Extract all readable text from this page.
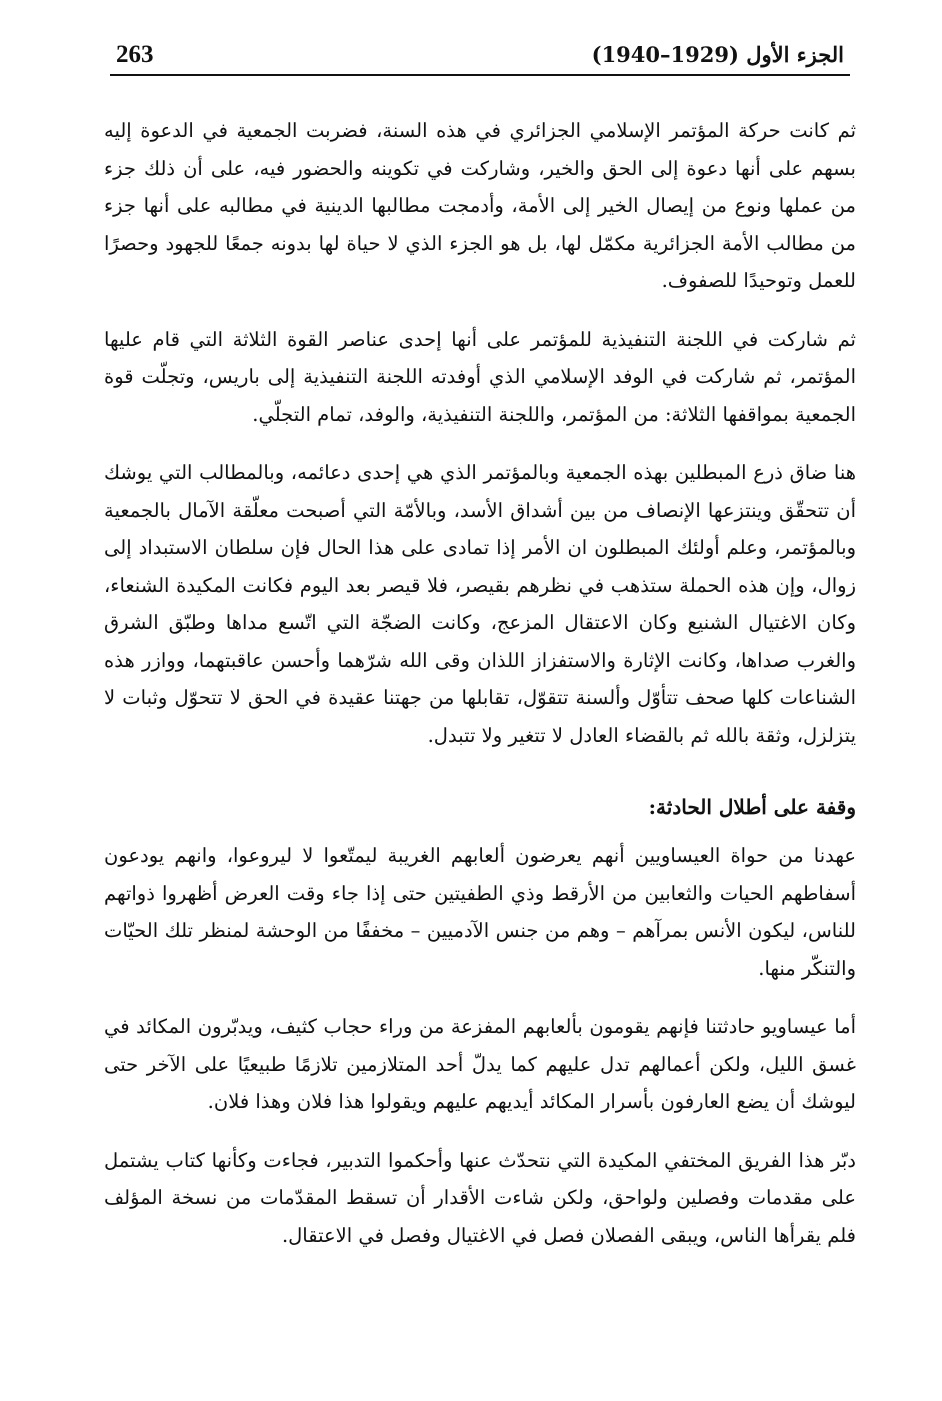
263	الجزء الأول (1929–1940)

ثم كانت حركة المؤتمر الإسلامي الجزائري في هذه السنة، فضربت الجمعية في الدعوة إليه بسهم على أنها دعوة إلى الحق والخير، وشاركت في تكوينه والحضور فيه، على أن ذلك جزء من عملها ونوع من إيصال الخير إلى الأمة، وأدمجت مطالبها الدينية في مطالبه على أنها جزء من مطالب الأمة الجزائرية مكمّل لها، بل هو الجزء الذي لا حياة لها بدونه جمعًا للجهود وحصرًا للعمل وتوحيدًا للصفوف.

ثم شاركت في اللجنة التنفيذية للمؤتمر على أنها إحدى عناصر القوة الثلاثة التي قام عليها المؤتمر، ثم شاركت في الوفد الإسلامي الذي أوفدته اللجنة التنفيذية إلى باريس، وتجلّت قوة الجمعية بمواقفها الثلاثة: من المؤتمر، واللجنة التنفيذية، والوفد، تمام التجلّي.

هنا ضاق ذرع المبطلين بهذه الجمعية وبالمؤتمر الذي هي إحدى دعائمه، وبالمطالب التي يوشك أن تتحقّق وينتزعها الإنصاف من بين أشداق الأسد، وبالأمّة التي أصبحت معلّقة الآمال بالجمعية وبالمؤتمر، وعلم أولئك المبطلون ان الأمر إذا تمادى على هذا الحال فإن سلطان الاستبداد إلى زوال، وإن هذه الحملة ستذهب في نظرهم بقيصر، فلا قيصر بعد اليوم فكانت المكيدة الشنعاء، وكان الاغتيال الشنيع وكان الاعتقال المزعج، وكانت الضجّة التي اتّسع مداها وطبّق الشرق والغرب صداها، وكانت الإثارة والاستفزاز اللذان وقى الله شرّهما وأحسن عاقبتهما، ووازر هذه الشناعات كلها صحف تتأوّل وألسنة تتقوّل، تقابلها من جهتنا عقيدة في الحق لا تتحوّل وثبات لا يتزلزل، وثقة بالله ثم بالقضاء العادل لا تتغير ولا تتبدل.

وقفة على أطلال الحادثة:

عهدنا من حواة العيساويين أنهم يعرضون ألعابهم الغريبة ليمتّعوا لا ليروعوا، وانهم يودعون أسفاطهم الحيات والثعابين من الأرقط وذي الطفيتين حتى إذا جاء وقت العرض أظهروا ذواتهم للناس، ليكون الأنس بمرآهم – وهم من جنس الآدميين – مخففًا من الوحشة لمنظر تلك الحيّات والتنكّر منها.

أما عيساويو حادثتنا فإنهم يقومون بألعابهم المفزعة من وراء حجاب كثيف، ويدبّرون المكائد في غسق الليل، ولكن أعمالهم تدل عليهم كما يدلّ أحد المتلازمين تلازمًا طبيعيًا على الآخر حتى ليوشك أن يضع العارفون بأسرار المكائد أيديهم عليهم ويقولوا هذا فلان وهذا فلان.

دبّر هذا الفريق المختفي المكيدة التي نتحدّث عنها وأحكموا التدبير، فجاءت وكأنها كتاب يشتمل على مقدمات وفصلين ولواحق، ولكن شاءت الأقدار أن تسقط المقدّمات من نسخة المؤلف فلم يقرأها الناس، ويبقى الفصلان فصل في الاغتيال وفصل في الاعتقال.
